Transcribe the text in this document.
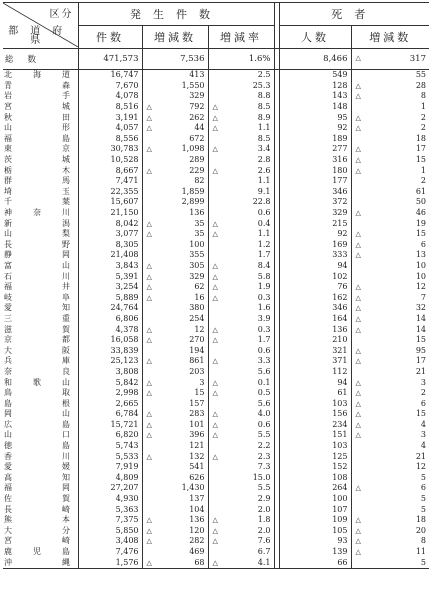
区分
都道府県	発生件数				死者	
	件数	増減数	増減率		人数	増減数
総数	471,573	7,536	1.6%		8,466	△ 317

北 海 道	16,747	413	2.5		549	55

青 森	7,670	1,550	25.3		128	△ 28

岩 手	4,078	329	8.8		143	△ 8

宮 城	8,516	△ 792	△ 8.5		148	1

秋 田	3,191	△ 262	△ 8.9		95	△ 2

山 形	4,057	△ 44	△ 1.1		92	△ 2

福 島	8,556	672	8.5		189	18

東 京	30,783	△ 1,098	△ 3.4		277	△ 17

茨 城	10,528	289	2.8		316	△ 15

栃 木	8,667	△ 229	△ 2.6		180	△ 1

群 馬	7,471	82	1.1		177	2

埼 玉	22,355	1,859	9.1		346	61

千 葉	15,607	2,899	22.8		372	50

神 奈 川	21,150	136	0.6		329	△ 46

新 潟	8,042	△ 35	△ 0.4		215	19

山 梨	3,077	△ 35	△ 1.1		92	△ 15

長 野	8,305	100	1.2		169	△ 6

静 岡	21,408	355	1.7		333	△ 13

富 山	3,843	△ 305	△ 8.4		94	10

石 川	5,391	△ 329	△ 5.8		102	10

福 井	3,254	△ 62	△ 1.9		76	△ 12

岐 阜	5,889	△ 16	△ 0.3		162	△ 7

愛 知	24,764	380	1.6		346	△ 32

三 重	6,806	254	3.9		164	△ 14

滋 賀	4,378	△ 12	△ 0.3		136	△ 14

京 都	16,058	△ 270	△ 1.7		210	15

大 阪	33,839	194	0.6		321	△ 95

兵 庫	25,123	△ 861	△ 3.3		371	△ 17

奈 良	3,808	203	5.6		112	21

和 歌 山	5,842	△ 3	△ 0.1		94	△ 3

鳥 取	2,998	△ 15	△ 0.5		61	△ 2

島 根	2,665	157	5.6		103	△ 6

岡 山	6,784	△ 283	△ 4.0		156	△ 15

広 島	15,721	△ 101	△ 0.6		234	△ 4

山 口	6,820	△ 396	△ 5.5		151	△ 3

徳 島	5,743	121	2.2		103	4

香 川	5,533	△ 132	△ 2.3		125	21

愛 媛	7,919	541	7.3		152	12

高 知	4,809	626	15.0		108	5

福 岡	27,207	1,430	5.5		264	△ 6

佐 賀	4,930	137	2.9		100	5

長 崎	5,363	104	2.0		107	5

熊 本	7,375	△ 136	△ 1.8		109	△ 18

大 分	5,850	△ 120	△ 2.0		105	△ 20

宮 崎	3,408	△ 282	△ 7.6		93	△ 8

鹿 児 島	7,476	469	6.7		139	△ 11

沖 縄	1,576	△ 68	△ 4.1		66	5
